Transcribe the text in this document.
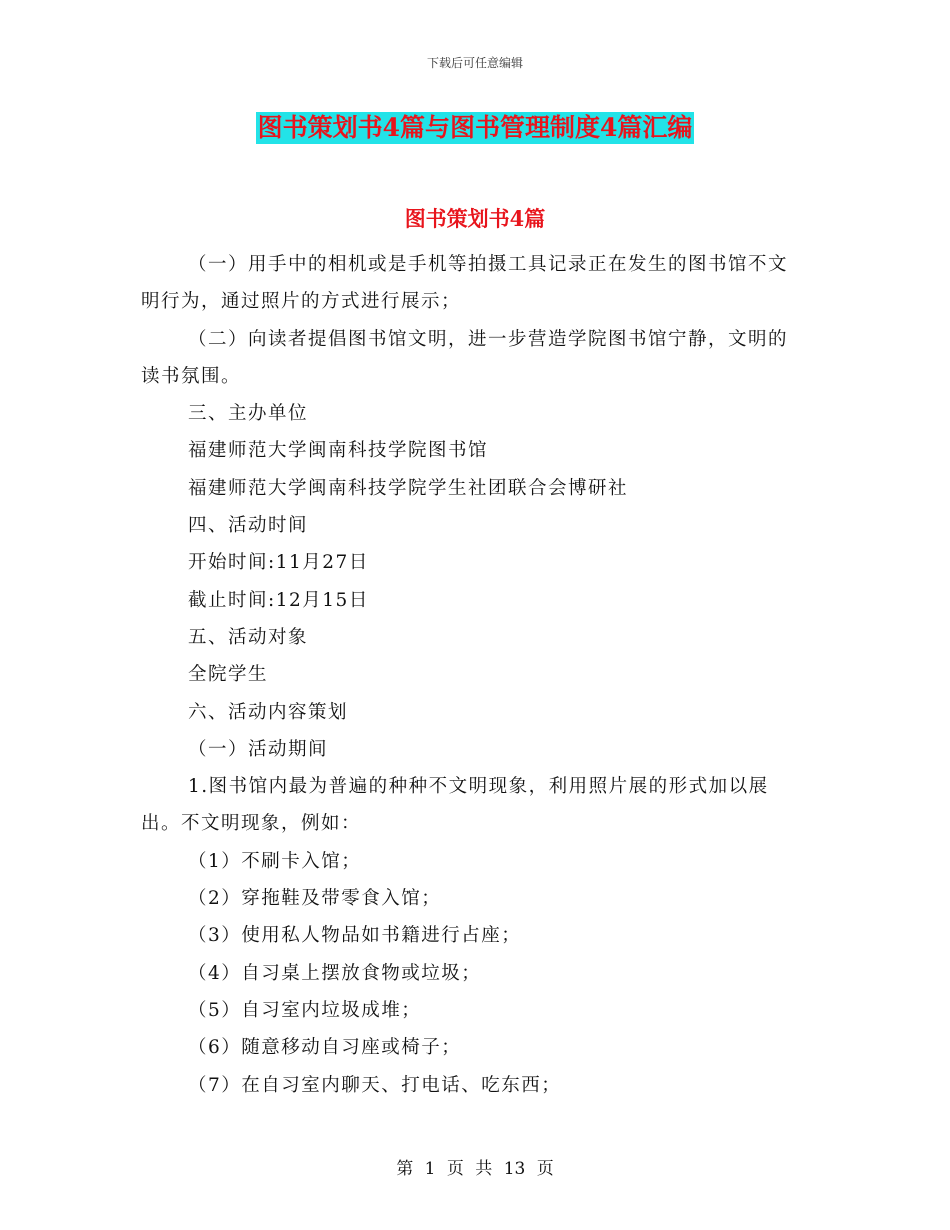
下载后可任意编辑
图书策划书4篇与图书管理制度4篇汇编
图书策划书4篇

（一）用手中的相机或是手机等拍摄工具记录正在发生的图书馆不文明行为，通过照片的方式进行展示；

（二）向读者提倡图书馆文明，进一步营造学院图书馆宁静，文明的读书氛围。

三、主办单位

福建师范大学闽南科技学院图书馆

福建师范大学闽南科技学院学生社团联合会博研社

四、活动时间

开始时间:11月27日

截止时间:12月15日

五、活动对象

全院学生

六、活动内容策划

（一）活动期间

1.图书馆内最为普遍的种种不文明现象，利用照片展的形式加以展出。不文明现象，例如：

（1）不刷卡入馆；

（2）穿拖鞋及带零食入馆；

（3）使用私人物品如书籍进行占座；

（4）自习桌上摆放食物或垃圾；

（5）自习室内垃圾成堆；

（6）随意移动自习座或椅子；

（7）在自习室内聊天、打电话、吃东西；

第 1 页 共 13 页
